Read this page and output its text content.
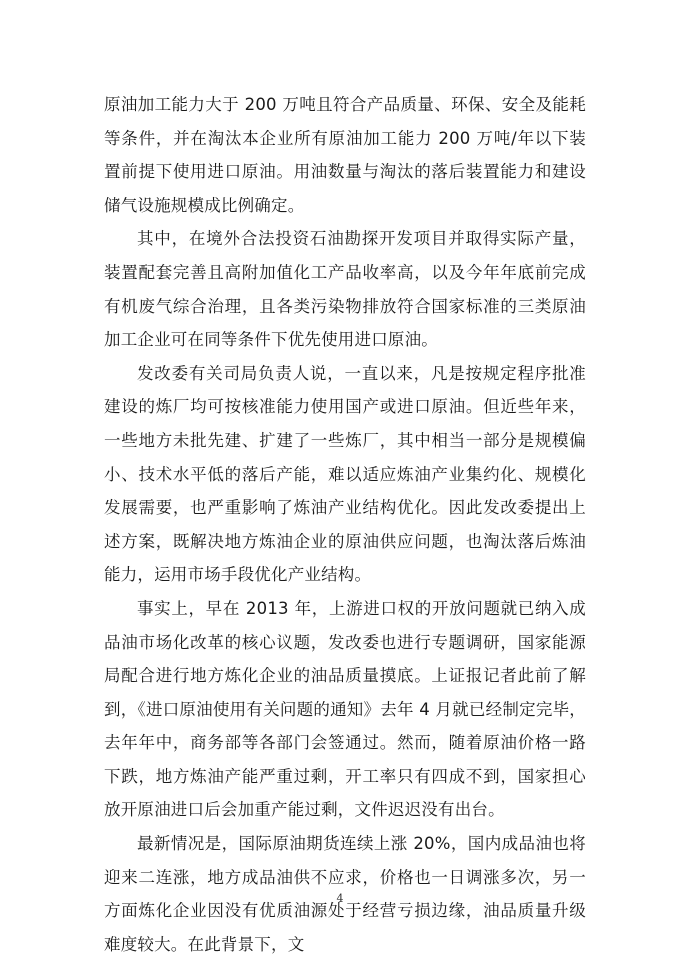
原油加工能力大于 200 万吨且符合产品质量、环保、安全及能耗等条件，并在淘汰本企业所有原油加工能力 200 万吨/年以下装置前提下使用进口原油。用油数量与淘汰的落后装置能力和建设储气设施规模成比例确定。

其中，在境外合法投资石油勘探开发项目并取得实际产量，装置配套完善且高附加值化工产品收率高，以及今年年底前完成有机废气综合治理，且各类污染物排放符合国家标准的三类原油加工企业可在同等条件下优先使用进口原油。

发改委有关司局负责人说，一直以来，凡是按规定程序批准建设的炼厂均可按核准能力使用国产或进口原油。但近些年来，一些地方未批先建、扩建了一些炼厂，其中相当一部分是规模偏小、技术水平低的落后产能，难以适应炼油产业集约化、规模化发展需要，也严重影响了炼油产业结构优化。因此发改委提出上述方案，既解决地方炼油企业的原油供应问题，也淘汰落后炼油能力，运用市场手段优化产业结构。

事实上，早在 2013 年，上游进口权的开放问题就已纳入成品油市场化改革的核心议题，发改委也进行专题调研，国家能源局配合进行地方炼化企业的油品质量摸底。上证报记者此前了解到，《进口原油使用有关问题的通知》去年 4 月就已经制定完毕，去年年中，商务部等各部门会签通过。然而，随着原油价格一路下跌，地方炼油产能严重过剩，开工率只有四成不到，国家担心放开原油进口后会加重产能过剩，文件迟迟没有出台。

最新情况是，国际原油期货连续上涨 20%，国内成品油也将迎来二连涨，地方成品油供不应求，价格也一日调涨多次，另一方面炼化企业因没有优质油源处于经营亏损边缘，油品质量升级难度较大。在此背景下，文

4
